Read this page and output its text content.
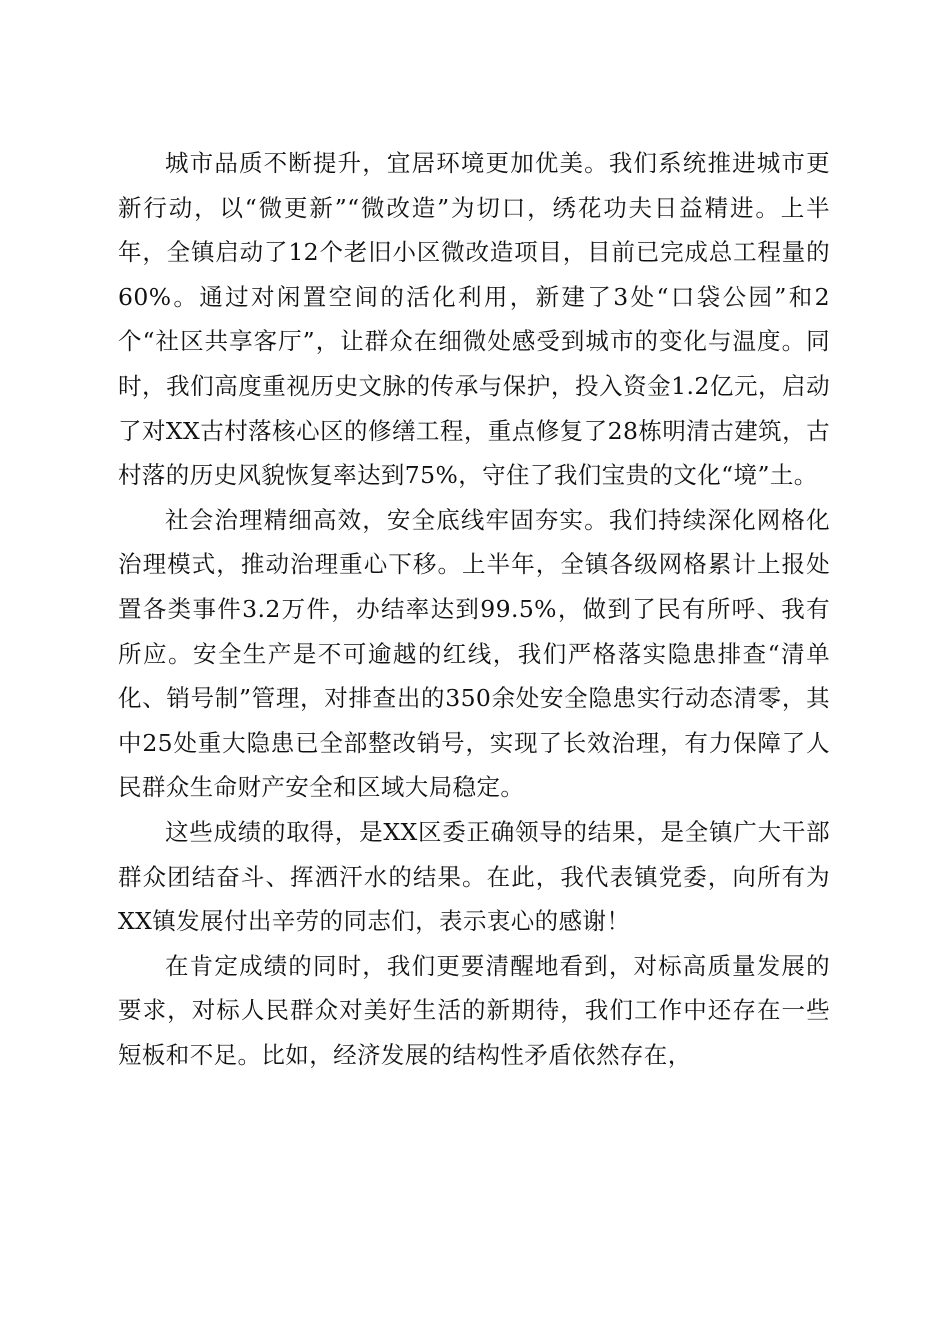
城市品质不断提升，宜居环境更加优美。我们系统推进城市更新行动，以“微更新”“微改造”为切口，绣花功夫日益精进。上半年，全镇启动了12个老旧小区微改造项目，目前已完成总工程量的60%。通过对闲置空间的活化利用，新建了3处“口袋公园”和2个“社区共享客厅”，让群众在细微处感受到城市的变化与温度。同时，我们高度重视历史文脉的传承与保护，投入资金1.2亿元，启动了对XX古村落核心区的修缮工程，重点修复了28栋明清古建筑，古村落的历史风貌恢复率达到75%，守住了我们宝贵的文化“境”土。

社会治理精细高效，安全底线牢固夯实。我们持续深化网格化治理模式，推动治理重心下移。上半年，全镇各级网格累计上报处置各类事件3.2万件，办结率达到99.5%，做到了民有所呼、我有所应。安全生产是不可逾越的红线，我们严格落实隐患排查“清单化、销号制”管理，对排查出的350余处安全隐患实行动态清零，其中25处重大隐患已全部整改销号，实现了长效治理，有力保障了人民群众生命财产安全和区域大局稳定。

这些成绩的取得，是XX区委正确领导的结果，是全镇广大干部群众团结奋斗、挥洒汗水的结果。在此，我代表镇党委，向所有为XX镇发展付出辛劳的同志们，表示衷心的感谢！

在肯定成绩的同时，我们更要清醒地看到，对标高质量发展的要求，对标人民群众对美好生活的新期待，我们工作中还存在一些短板和不足。比如，经济发展的结构性矛盾依然存在，
